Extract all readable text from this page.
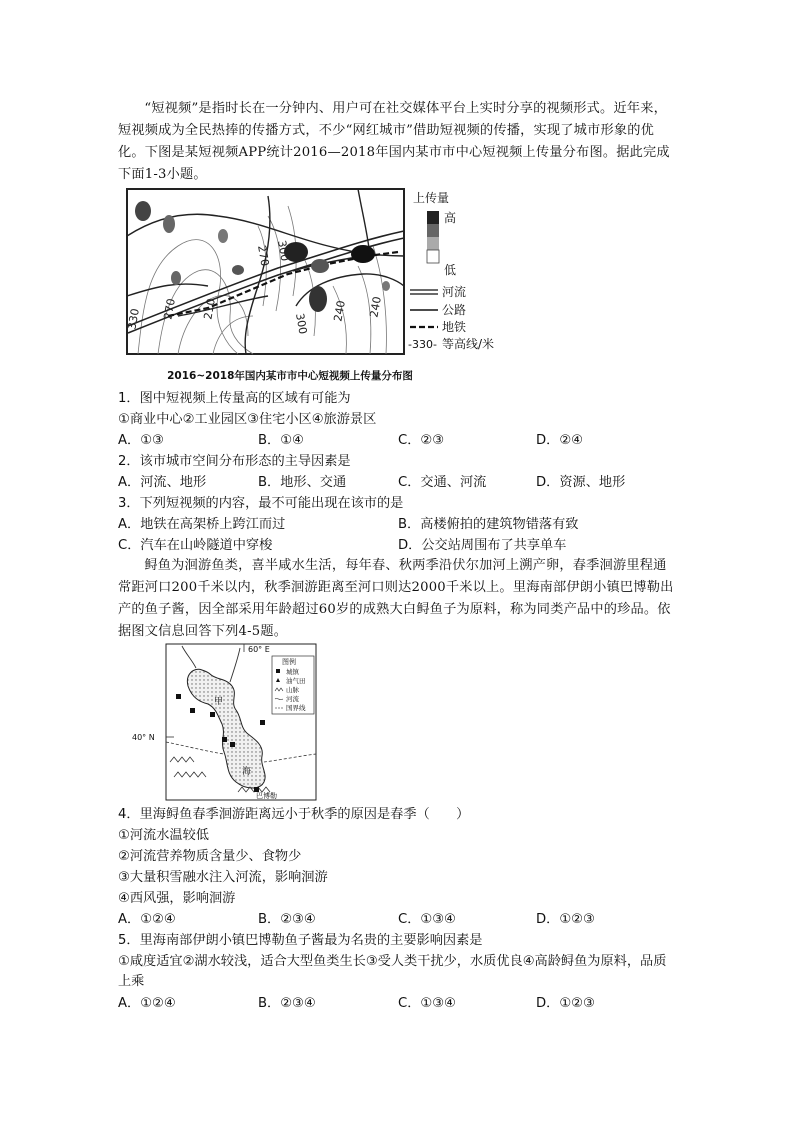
“短视频”是指时长在一分钟内、用户可在社交媒体平台上实时分享的视频形式。近年来，短视频成为全民热捧的传播方式，不少“网红城市”借助短视频的传播，实现了城市形象的优化。下图是某短视频APP统计2016—2018年国内某市市中心短视频上传量分布图。据此完成下面1-3小题。
330 270 210
270 300
300
240 240
上传量
高
低
河流
公路
地铁
-330- 等高线/米
2016~2018年国内某市市中心短视频上传量分布图
1．图中短视频上传量高的区域有可能为
①商业中心②工业园区③住宅小区④旅游景区
A．①③	B．①④	C．②③	D．②④
2．该市城市空间分布形态的主导因素是
A．河流、地形	B．地形、交通	C．交通、河流	D．资源、地形
3．下列短视频的内容，最不可能出现在该市的是
A．地铁在高架桥上跨江而过	B．高楼俯拍的建筑物错落有致
C．汽车在山岭隧道中穿梭	D．公交站周围布了共享单车
鲟鱼为洄游鱼类，喜半咸水生活，每年春、秋两季沿伏尔加河上溯产卵，春季洄游里程通常距河口200千米以内，秋季洄游距离至河口则达2000千米以上。里海南部伊朗小镇巴博勒出产的鱼子酱，因全部采用年龄超过60岁的成熟大白鲟鱼子为原料，称为同类产品中的珍品。依据图文信息回答下列4-5题。
60° E
40° N
甲
海
巴博勒
图例
城镇
油气田
山脉
河流
国界线
4．里海鲟鱼春季洄游距离远小于秋季的原因是春季（　　）
①河流水温较低
②河流营养物质含量少、食物少
③大量积雪融水注入河流，影响洄游
④西风强，影响洄游
A．①②④	B．②③④	C．①③④	D．①②③
5．里海南部伊朗小镇巴博勒鱼子酱最为名贵的主要影响因素是
①咸度适宜②湖水较浅，适合大型鱼类生长③受人类干扰少，水质优良④高龄鲟鱼为原料，品质上乘
A．①②④	B．②③④	C．①③④	D．①②③
